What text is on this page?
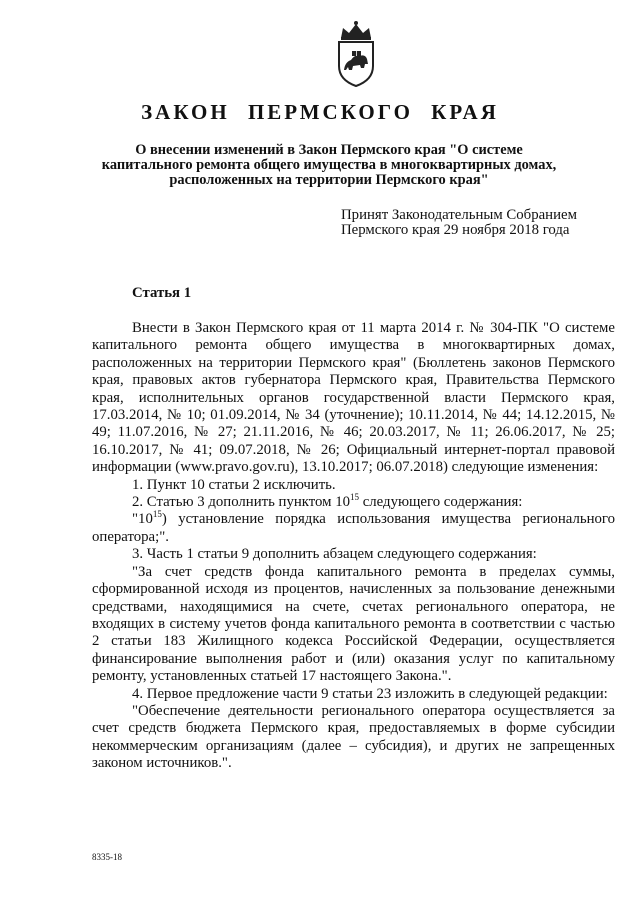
ЗАКОН ПЕРМСКОГО КРАЯ
О внесении изменений в Закон Пермского края "О системе капитального ремонта общего имущества в многоквартирных домах, расположенных на территории Пермского края"
Принят Законодательным Собранием
Пермского края 29 ноября 2018 года
Статья 1

Внести в Закон Пермского края от 11 марта 2014 г. № 304-ПК "О системе капитального ремонта общего имущества в многоквартирных домах, расположенных на территории Пермского края" (Бюллетень законов Пермского края, правовых актов губернатора Пермского края, Правительства Пермского края, исполнительных органов государственной власти Пермского края, 17.03.2014, № 10; 01.09.2014, № 34 (уточнение); 10.11.2014, № 44; 14.12.2015, № 49; 11.07.2016, № 27; 21.11.2016, № 46; 20.03.2017, № 11; 26.06.2017, № 25; 16.10.2017, № 41; 09.07.2018, № 26; Официальный интернет-портал правовой информации (www.pravo.gov.ru), 13.10.2017; 06.07.2018) следующие изменения:

1. Пункт 10 статьи 2 исключить.

2. Статью 3 дополнить пунктом $10^{15}$ следующего содержания:

"$10^{15}$) установление порядка использования имущества регионального оператора;".

3. Часть 1 статьи 9 дополнить абзацем следующего содержания:

"За счет средств фонда капитального ремонта в пределах суммы, сформированной исходя из процентов, начисленных за пользование денежными средствами, находящимися на счете, счетах регионального оператора, не входящих в систему учетов фонда капитального ремонта в соответствии с частью 2 статьи 183 Жилищного кодекса Российской Федерации, осуществляется финансирование выполнения работ и (или) оказания услуг по капитальному ремонту, установленных статьей 17 настоящего Закона.".

4. Первое предложение части 9 статьи 23 изложить в следующей редакции:

"Обеспечение деятельности регионального оператора осуществляется за счет средств бюджета Пермского края, предоставляемых в форме субсидии некоммерческим организациям (далее – субсидия), и других не запрещенных законом источников.".

8335-18
